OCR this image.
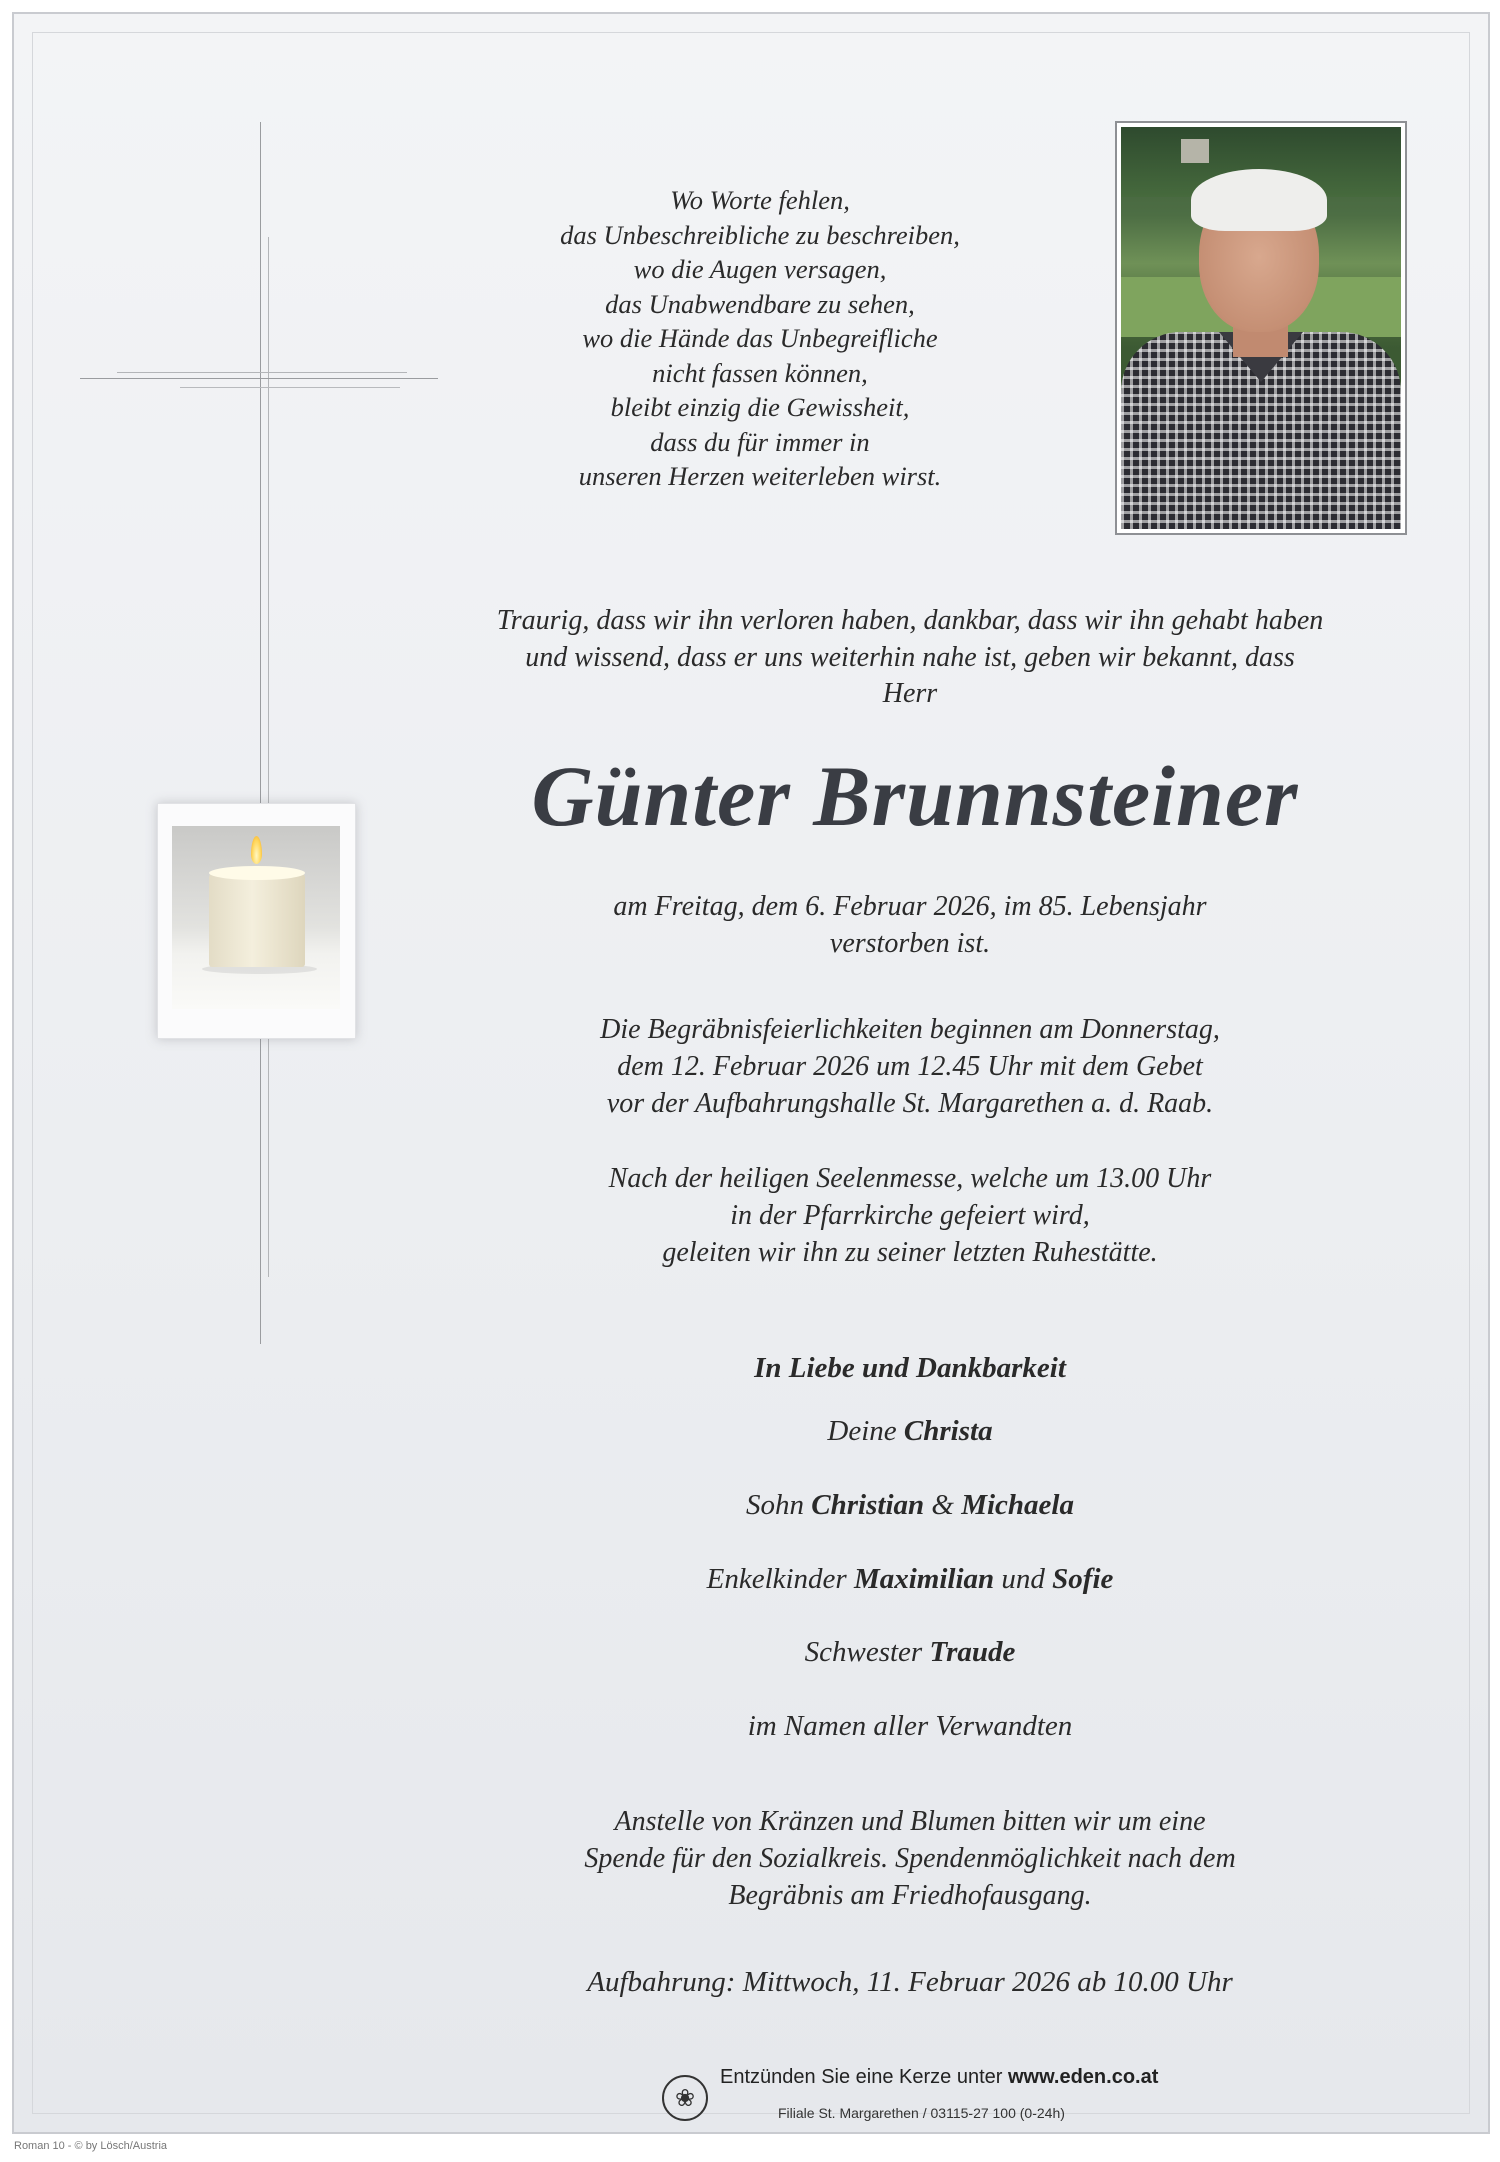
Wo Worte fehlen,
das Unbeschreibliche zu beschreiben,
wo die Augen versagen,
das Unabwendbare zu sehen,
wo die Hände das Unbegreifliche
nicht fassen können,
bleibt einzig die Gewissheit,
dass du für immer in
unseren Herzen weiterleben wirst.
Traurig, dass wir ihn verloren haben, dankbar, dass wir ihn gehabt haben
und wissend, dass er uns weiterhin nahe ist, geben wir bekannt, dass
Herr
Günter Brunnsteiner
am Freitag, dem 6. Februar 2026, im 85. Lebensjahr
verstorben ist.
Die Begräbnisfeierlichkeiten beginnen am Donnerstag,
dem 12. Februar 2026 um 12.45 Uhr mit dem Gebet
vor der Aufbahrungshalle St. Margarethen a. d. Raab.
Nach der heiligen Seelenmesse, welche um 13.00 Uhr
in der Pfarrkirche gefeiert wird,
geleiten wir ihn zu seiner letzten Ruhestätte.
In Liebe und Dankbarkeit
Deine Christa
Sohn Christian & Michaela
Enkelkinder Maximilian und Sofie
Schwester Traude
im Namen aller Verwandten
Anstelle von Kränzen und Blumen bitten wir um eine
Spende für den Sozialkreis. Spendenmöglichkeit nach dem
Begräbnis am Friedhofausgang.
Aufbahrung: Mittwoch, 11. Februar 2026 ab 10.00 Uhr
❀
Entzünden Sie eine Kerze unter www.eden.co.at
Filiale St. Margarethen / 03115-27 100 (0-24h)
Roman 10 - © by Lösch/Austria
